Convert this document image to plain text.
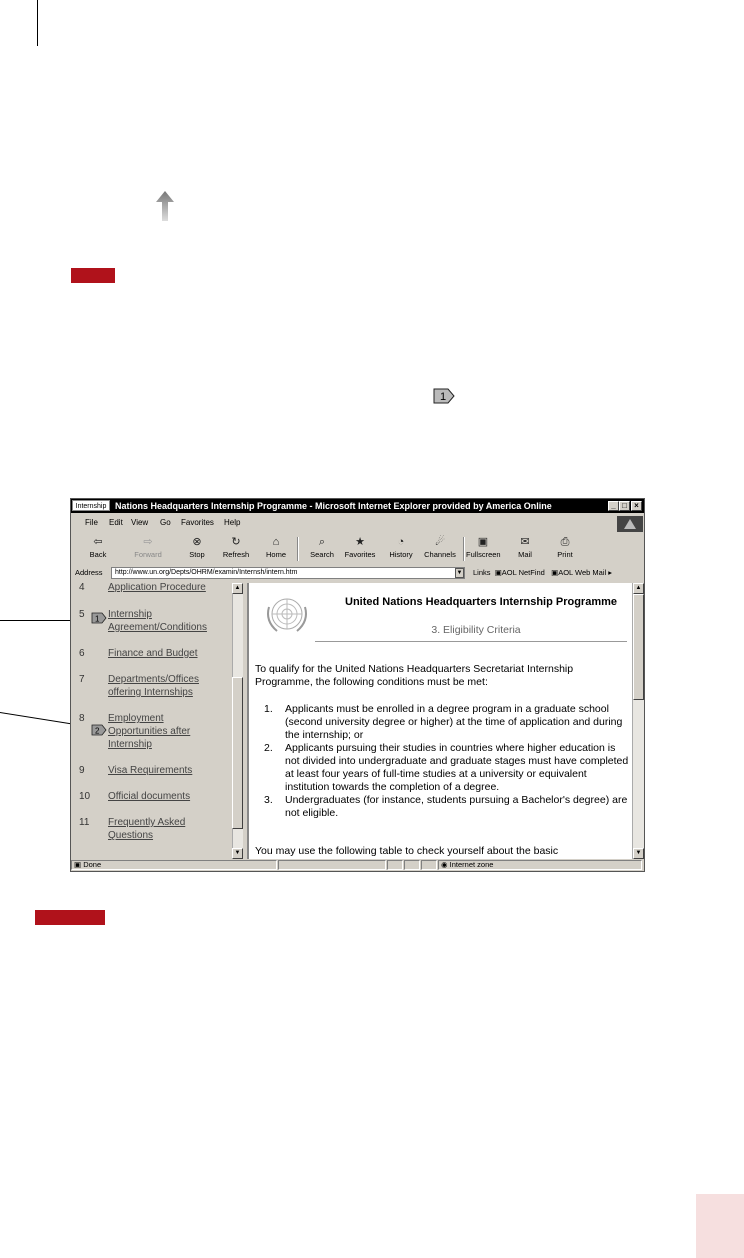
1
Internship Nations Headquarters Internship Programme - Microsoft Internet Explorer provided by America Online	_ □ ×
File Edit View Go Favorites Help
⇦
Back
⇨
Forward
⊗
Stop
↻
Refresh
⌂
Home
⌕
Search
★
Favorites
◔
History
☄
Channels
▣
Fullscreen
✉
Mail
⎙
Print
Address	http://www.un.org/Depts/OHRM/examin/Internsh/intern.htm	▼ Links ▣AOL NetFind ▣AOL Web Mail ▸
4	Application Procedure
5	Internship Agreement/Conditions
6	Finance and Budget
7	Departments/Offices offering Internships
8	Employment Opportunities after Internship
9	Visa Requirements
10	Official documents
11	Frequently Asked Questions
1
2
▲
▼
United Nations Headquarters Internship Programme
3. Eligibility Criteria
To qualify for the United Nations Headquarters Secretariat Internship Programme, the following conditions must be met:
1. Applicants must be enrolled in a degree program in a graduate school (second university degree or higher) at the time of application and during the internship; or
2. Applicants pursuing their studies in countries where higher education is not divided into undergraduate and graduate stages must have completed at least four years of full-time studies at a university or equivalent institution towards the completion of a degree.
3. Undergraduates (for instance, students pursuing a Bachelor's degree) are not eligible.
You may use the following table to check yourself about the basic
▲
▼
▣ Done	◉ Internet zone
